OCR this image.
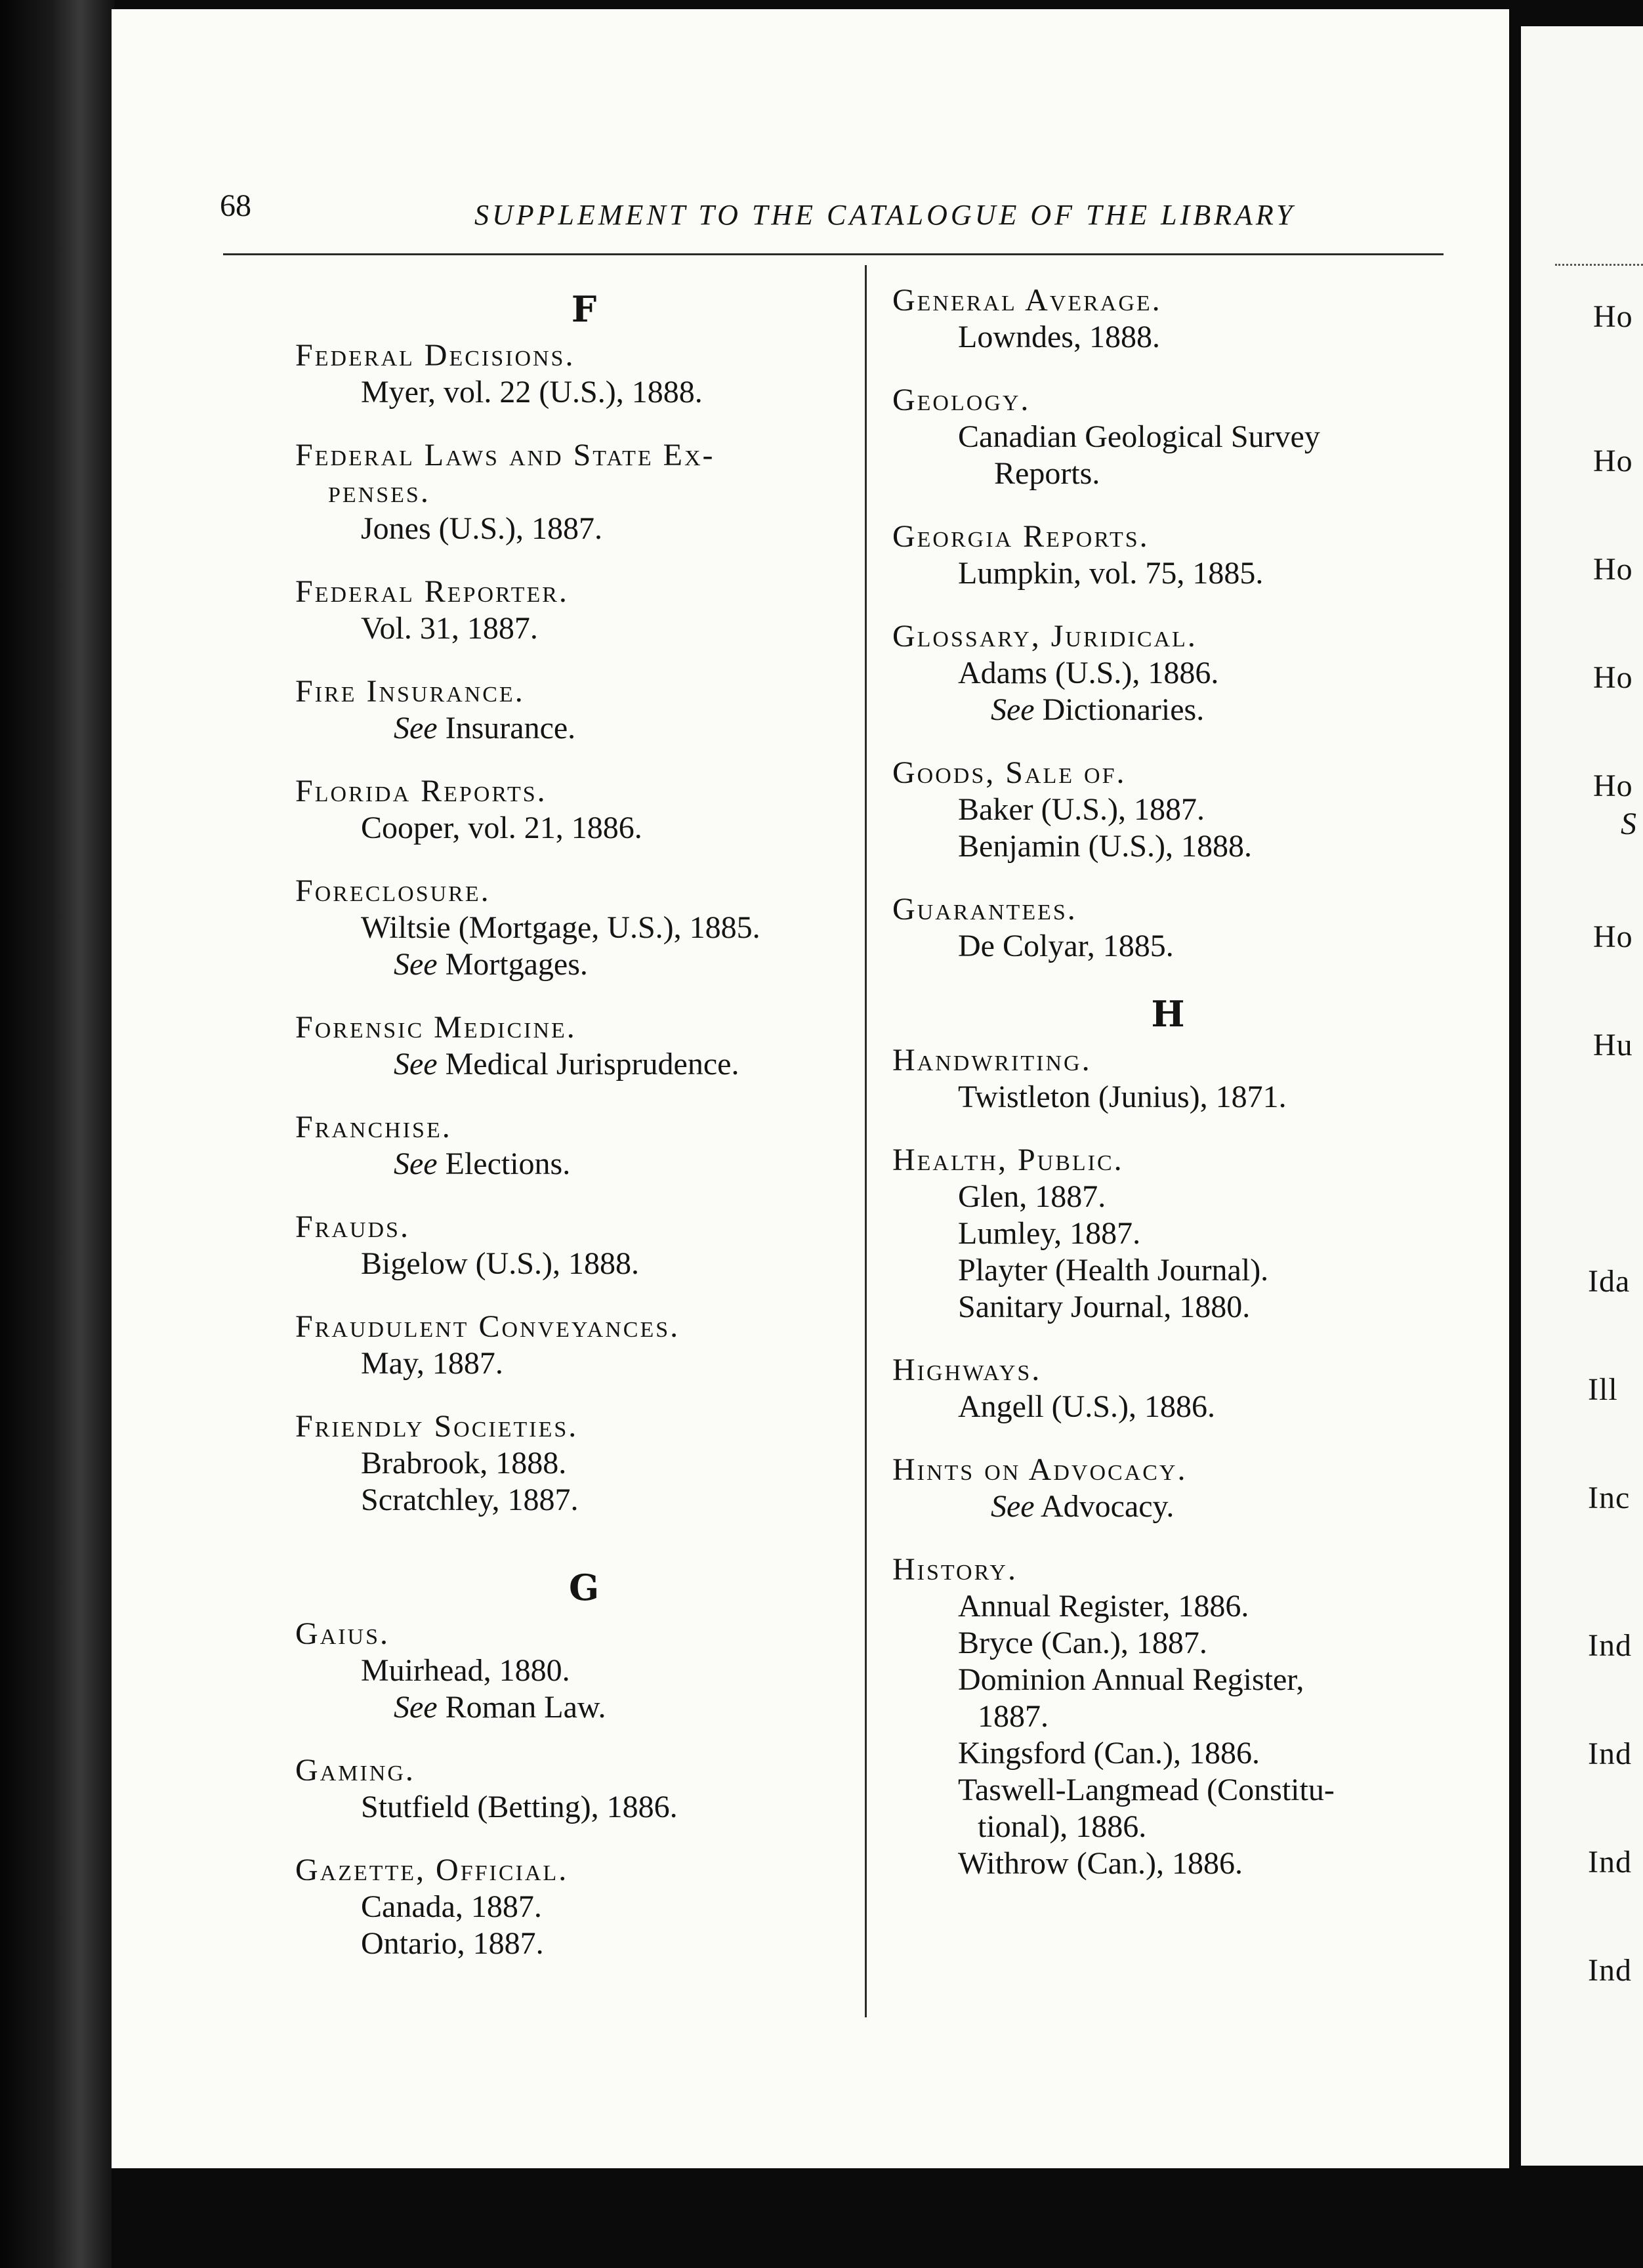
68	SUPPLEMENT TO THE CATALOGUE OF THE LIBRARY
F
Federal Decisions.
Myer, vol. 22 (U.S.), 1888.
Federal Laws and State Ex-
penses.
Jones (U.S.), 1887.
Federal Reporter.
Vol. 31, 1887.
Fire Insurance.
See Insurance.
Florida Reports.
Cooper, vol. 21, 1886.
Foreclosure.
Wiltsie (Mortgage, U.S.), 1885.
See Mortgages.
Forensic Medicine.
See Medical Jurisprudence.
Franchise.
See Elections.
Frauds.
Bigelow (U.S.), 1888.
Fraudulent Conveyances.
May, 1887.
Friendly Societies.
Brabrook, 1888.
Scratchley, 1887.
G
Gaius.
Muirhead, 1880.
See Roman Law.
Gaming.
Stutfield (Betting), 1886.
Gazette, Official.
Canada, 1887.
Ontario, 1887.
General Average.
Lowndes, 1888.
Geology.
Canadian Geological Survey
Reports.
Georgia Reports.
Lumpkin, vol. 75, 1885.
Glossary, Juridical.
Adams (U.S.), 1886.
See Dictionaries.
Goods, Sale of.
Baker (U.S.), 1887.
Benjamin (U.S.), 1888.
Guarantees.
De Colyar, 1885.
H
Handwriting.
Twistleton (Junius), 1871.
Health, Public.
Glen, 1887.
Lumley, 1887.
Playter (Health Journal).
Sanitary Journal, 1880.
Highways.
Angell (U.S.), 1886.
Hints on Advocacy.
See Advocacy.
History.
Annual Register, 1886.
Bryce (Can.), 1887.
Dominion Annual Register,
1887.
Kingsford (Can.), 1886.
Taswell-Langmead (Constitu-
tional), 1886.
Withrow (Can.), 1886.
Ho
Ho
Ho
Ho
Ho
S
Ho
Hu
Ida
Ill
Inc
Ind
Ind
Ind
Ind
